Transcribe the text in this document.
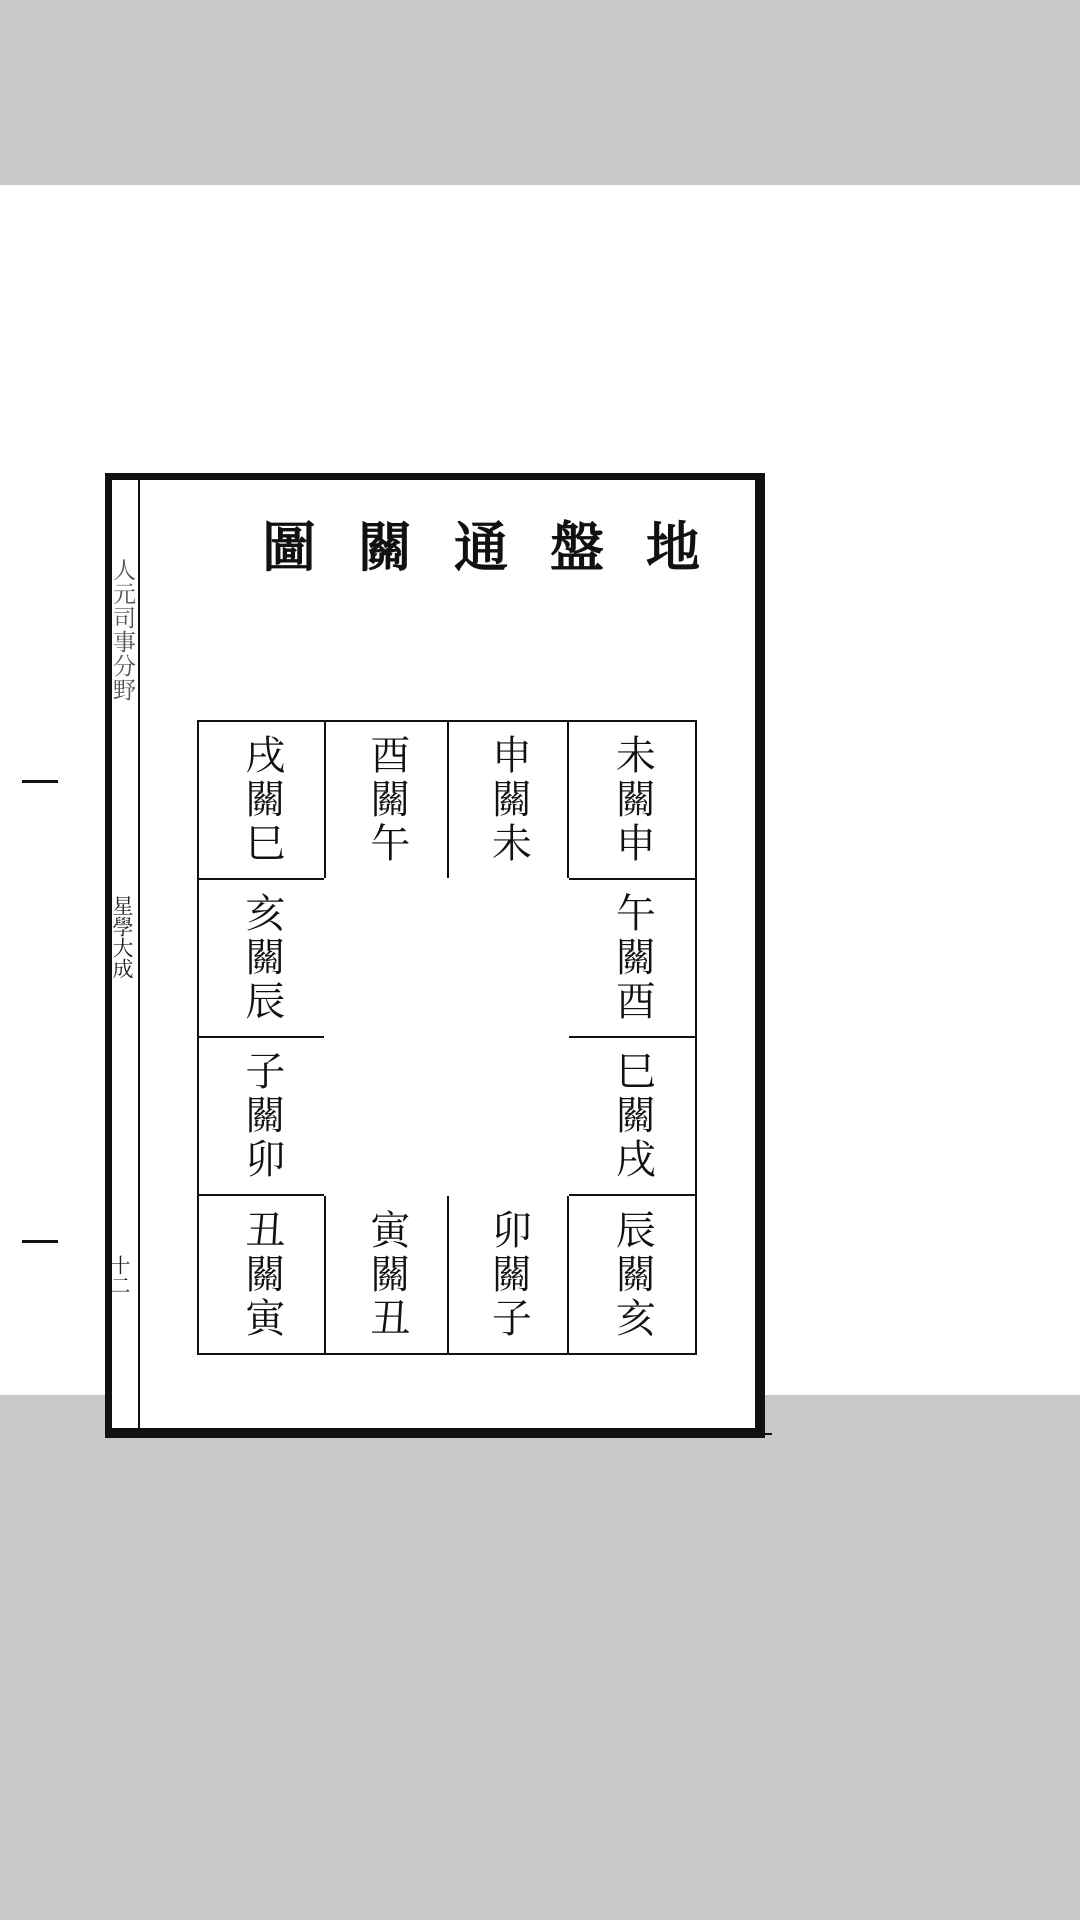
地
盤
通
關
圖
人元司事分野
星學大成
十二
未關申
申關未
酉關午
戌關巳
午關酉
巳關戌
亥關辰
子關卯
辰關亥
卯關子
寅關丑
丑關寅
